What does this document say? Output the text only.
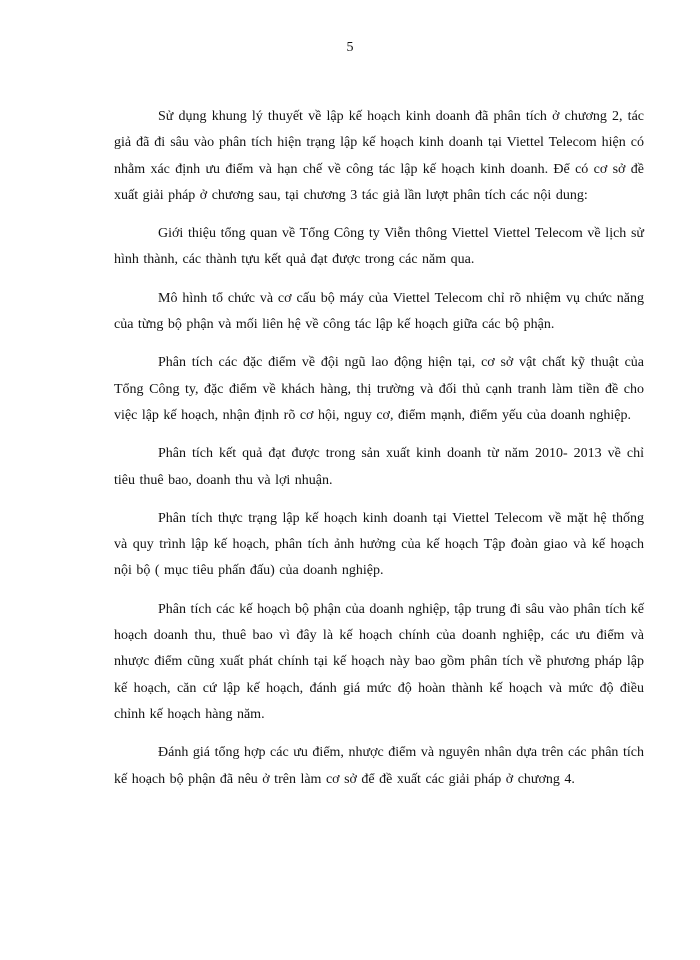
5

Sử dụng khung lý thuyết về lập kế hoạch kinh doanh đã phân tích ở chương 2, tác giả đã đi sâu vào phân tích hiện trạng lập kế hoạch kinh doanh tại Viettel Telecom hiện có nhằm xác định ưu điểm và hạn chế về công tác lập kế hoạch kinh doanh. Để có cơ sở đề xuất giải pháp ở chương sau, tại chương 3 tác giả lần lượt phân tích các nội dung:

Giới thiệu tổng quan về Tổng Công ty Viễn thông Viettel Viettel Telecom về lịch sử hình thành, các thành tựu kết quả đạt được trong các năm qua.

Mô hình tổ chức và cơ cấu bộ máy của Viettel Telecom chỉ rõ nhiệm vụ chức năng của từng bộ phận và mối liên hệ về công tác lập kế hoạch giữa các bộ phận.

Phân tích các đặc điểm về đội ngũ lao động hiện tại, cơ sở vật chất kỹ thuật của Tổng Công ty, đặc điểm về khách hàng, thị trường và đối thủ cạnh tranh làm tiền đề cho việc lập kế hoạch, nhận định rõ cơ hội, nguy cơ, điểm mạnh, điểm yếu của doanh nghiệp.

Phân tích kết quả đạt được trong sản xuất kinh doanh từ năm 2010- 2013 về chỉ tiêu thuê bao, doanh thu và lợi nhuận.

Phân tích thực trạng lập kế hoạch kinh doanh tại Viettel Telecom về mặt hệ thống và quy trình lập kế hoạch, phân tích ảnh hưởng của kế hoạch Tập đoàn giao và kế hoạch nội bộ ( mục tiêu phấn đấu) của doanh nghiệp.

Phân tích các kế hoạch bộ phận của doanh nghiệp, tập trung đi sâu vào phân tích kế hoạch doanh thu, thuê bao vì đây là kế hoạch chính của doanh nghiệp, các ưu điểm và nhược điểm cũng xuất phát chính tại kế hoạch này bao gồm phân tích về phương pháp lập kế hoạch, căn cứ lập kế hoạch, đánh giá mức độ hoàn thành kế hoạch và mức độ điều chỉnh kế hoạch hàng năm.

Đánh giá tổng hợp các ưu điểm, nhược điểm và nguyên nhân dựa trên các phân tích kế hoạch bộ phận đã nêu ở trên làm cơ sở để đề xuất các giải pháp ở chương 4.
